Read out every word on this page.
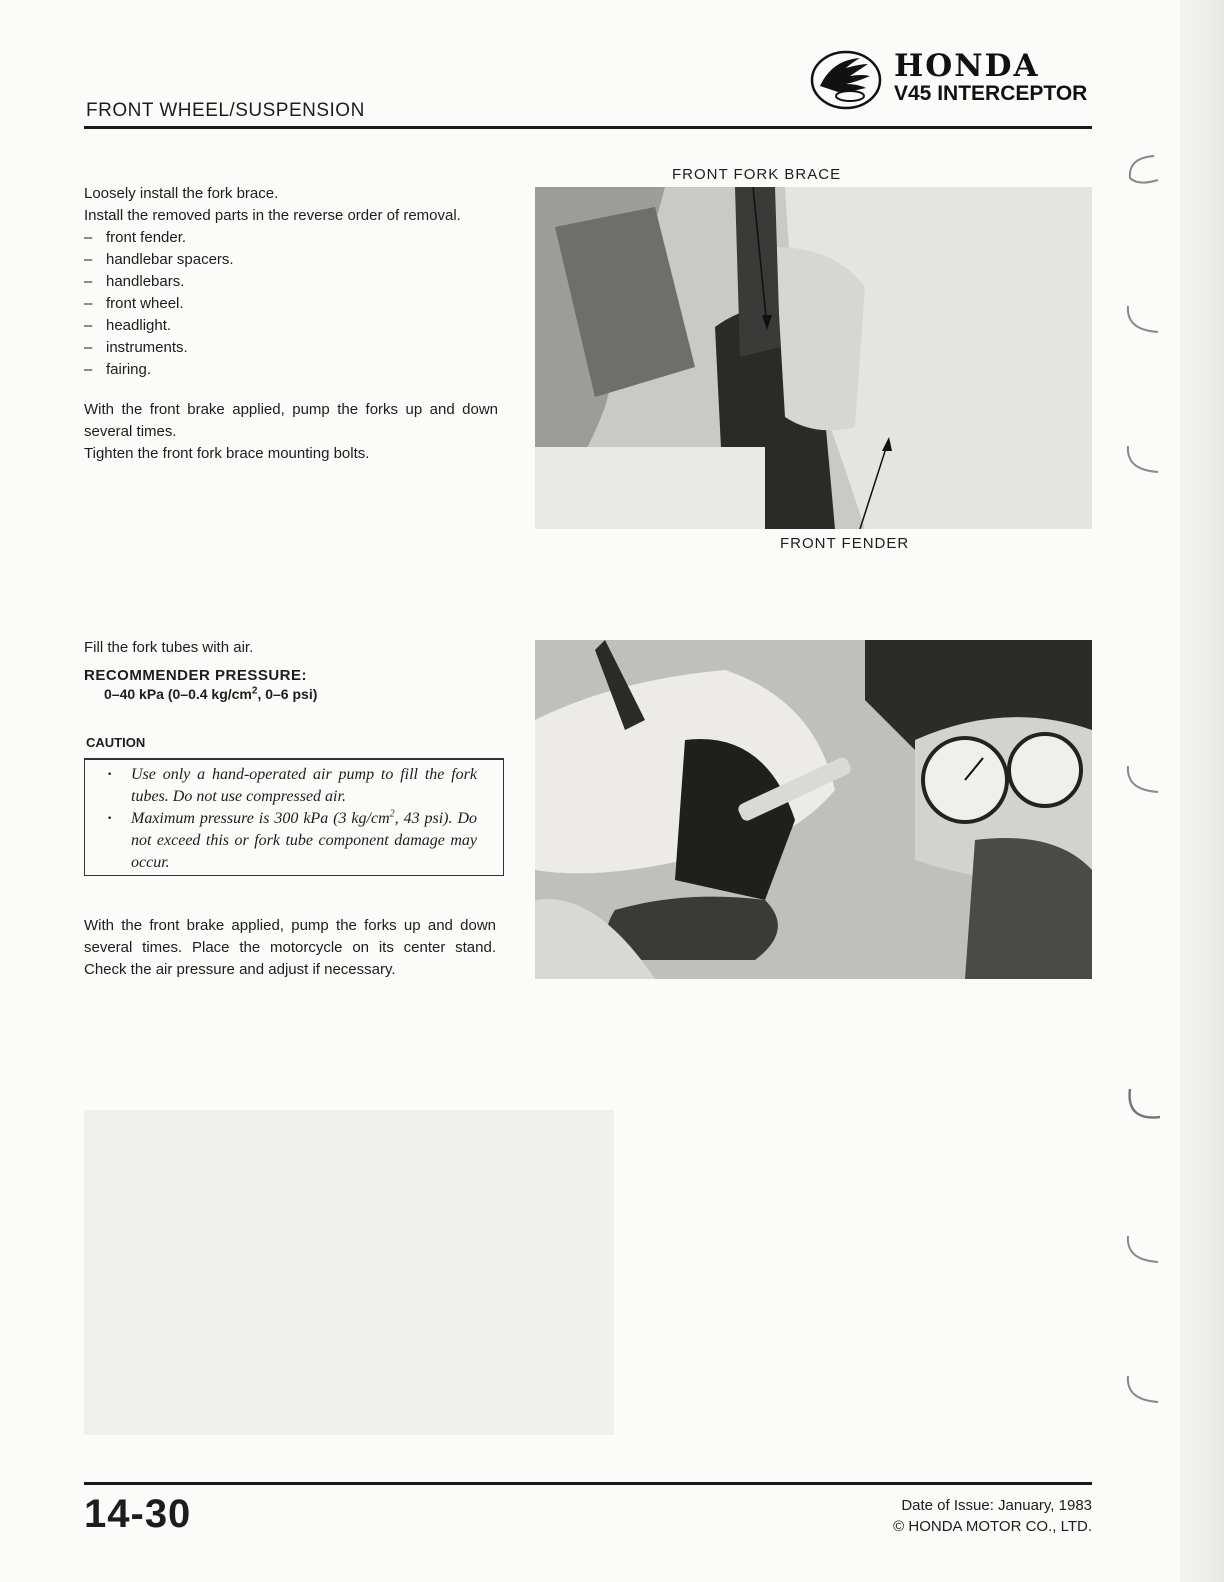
FRONT WHEEL/SUSPENSION
HONDA
V45 INTERCEPTOR

Loosely install the fork brace.

Install the removed parts in the reverse order of removal.

– front fender.
– handlebar spacers.
– handlebars.
– front wheel.
– headlight.
– instruments.
– fairing.

With the front brake applied, pump the forks up and down several times.

Tighten the front fork brace mounting bolts.

FRONT FORK BRACE
FRONT FENDER

Fill the fork tubes with air.

RECOMMENDER PRESSURE:
0–40 kPa (0–0.4 $kg/cm^2$, 0–6 psi)
CAUTION
· Use only a hand-operated air pump to fill the fork tubes. Do not use compressed air.
· Maximum pressure is 300 kPa (3 $kg/cm^2$, 43 psi). Do not exceed this or fork tube component damage may occur.

With the front brake applied, pump the forks up and down several times. Place the motorcycle on its center stand. Check the air pressure and adjust if necessary.

14-30	Date of Issue: January, 1983
© HONDA MOTOR CO., LTD.
